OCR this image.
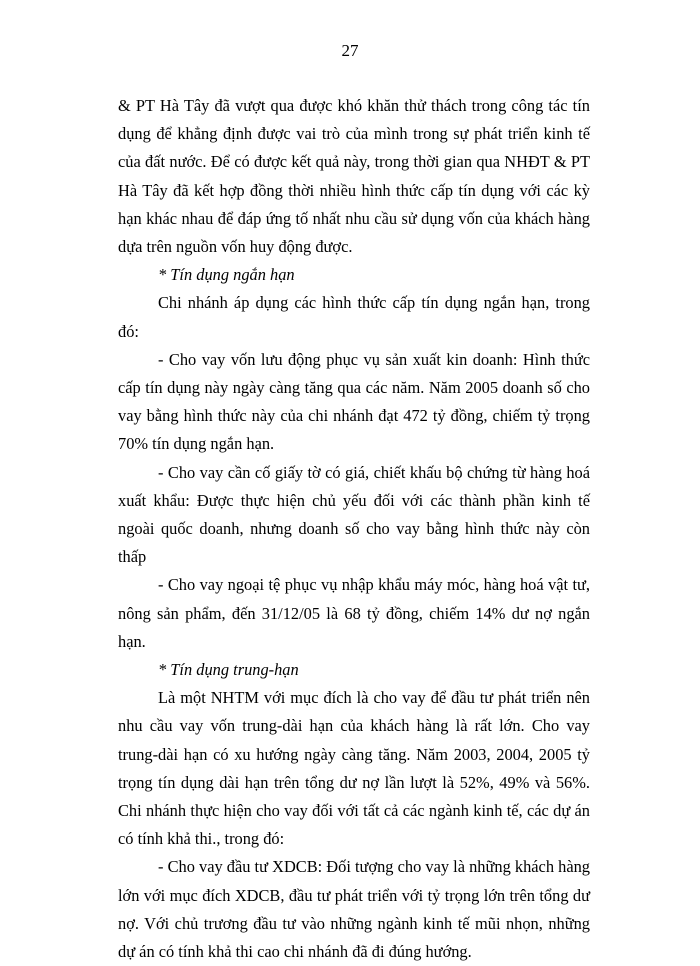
27

& PT Hà Tây đã vượt qua được khó khăn thử thách trong công tác tín dụng để khẳng định được vai trò của mình trong sự phát triển kinh tế của đất nước. Để có được kết quả này, trong thời gian qua NHĐT & PT Hà Tây đã kết hợp đồng thời nhiều hình thức cấp tín dụng với các kỳ hạn khác nhau để đáp ứng tố nhất nhu cầu sử dụng vốn của khách hàng dựa trên nguồn vốn huy động được.

* Tín dụng ngắn hạn

Chi nhánh áp dụng các hình thức cấp tín dụng ngắn hạn, trong đó:

- Cho vay vốn lưu động phục vụ sản xuất kin doanh: Hình thức cấp tín dụng này ngày càng tăng qua các năm. Năm 2005 doanh số cho vay bằng hình thức này của chi nhánh đạt 472 tỷ đồng, chiếm tỷ trọng 70% tín dụng ngắn hạn.

- Cho vay cần cố giấy tờ có giá, chiết khấu bộ chứng từ hàng hoá xuất khẩu: Được thực hiện chủ yếu đối với các thành phần kinh tế ngoài quốc doanh, nhưng doanh số cho vay bằng hình thức này còn thấp

- Cho vay ngoại tệ phục vụ nhập khẩu máy móc, hàng hoá vật tư, nông sản phẩm, đến 31/12/05 là 68 tỷ đồng, chiếm 14% dư nợ ngắn hạn.

* Tín dụng trung-hạn

Là một NHTM với mục đích là cho vay để đầu tư phát triển nên nhu cầu vay vốn trung-dài hạn của khách hàng là rất lớn. Cho vay trung-dài hạn có xu hướng ngày càng tăng. Năm 2003, 2004, 2005 tỷ trọng tín dụng dài hạn trên tổng dư nợ lần lượt là 52%, 49% và 56%. Chi nhánh thực hiện cho vay đối với tất cả các ngành kinh tế, các dự án có tính khả thi., trong đó:

- Cho vay đầu tư XDCB: Đối tượng cho vay là những khách hàng lớn với mục đích XDCB, đầu tư phát triển với tỷ trọng lớn trên tổng dư nợ. Với chủ trương đầu tư vào những ngành kinh tế mũi nhọn, những dự án có tính khả thi cao chi nhánh đã đi đúng hướng.
